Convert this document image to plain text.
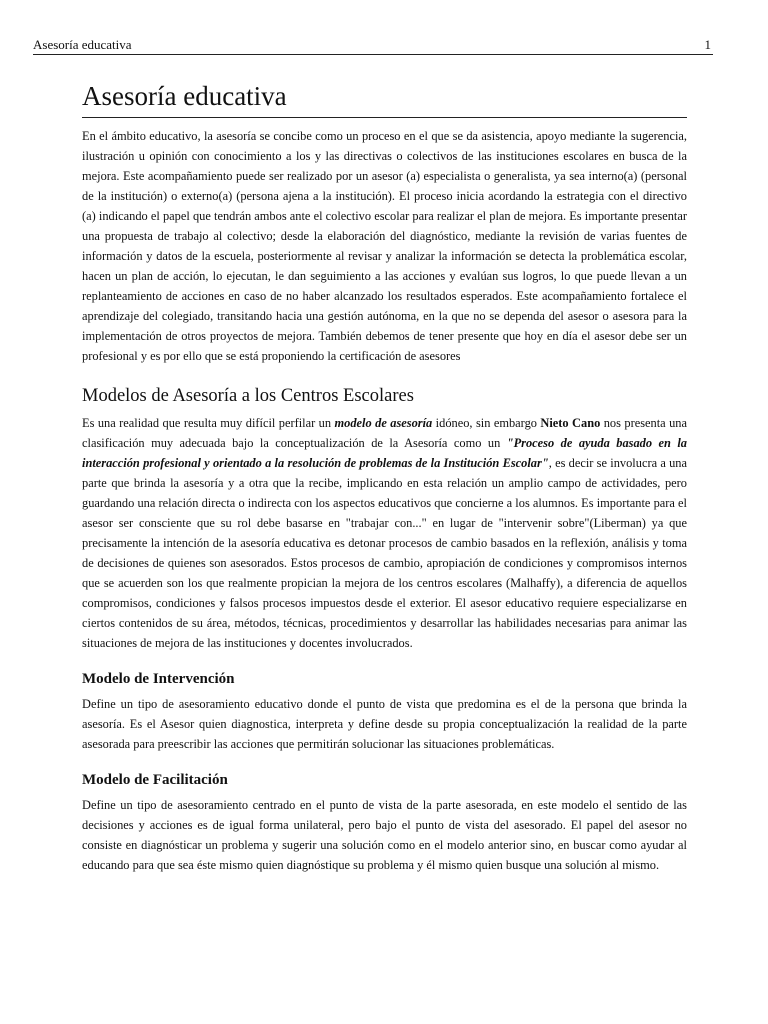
Asesoría educativa	1
Asesoría educativa

En el ámbito educativo, la asesoría se concibe como un proceso en el que se da asistencia, apoyo mediante la sugerencia, ilustración u opinión con conocimiento a los y las directivas o colectivos de las instituciones escolares en busca de la mejora. Este acompañamiento puede ser realizado por un asesor (a) especialista o generalista, ya sea interno(a) (personal de la institución) o externo(a) (persona ajena a la institución). El proceso inicia acordando la estrategia con el directivo (a) indicando el papel que tendrán ambos ante el colectivo escolar para realizar el plan de mejora. Es importante presentar una propuesta de trabajo al colectivo; desde la elaboración del diagnóstico, mediante la revisión de varias fuentes de información y datos de la escuela, posteriormente al revisar y analizar la información se detecta la problemática escolar, hacen un plan de acción, lo ejecutan, le dan seguimiento a las acciones y evalúan sus logros, lo que puede llevan a un replanteamiento de acciones en caso de no haber alcanzado los resultados esperados. Este acompañamiento fortalece el aprendizaje del colegiado, transitando hacia una gestión autónoma, en la que no se dependa del asesor o asesora para la implementación de otros proyectos de mejora. También debemos de tener presente que hoy en día el asesor debe ser un profesional y es por ello que se está proponiendo la certificación de asesores

Modelos de Asesoría a los Centros Escolares

Es una realidad que resulta muy difícil perfilar un modelo de asesoría idóneo, sin embargo Nieto Cano nos presenta una clasificación muy adecuada bajo la conceptualización de la Asesoría como un "Proceso de ayuda basado en la interacción profesional y orientado a la resolución de problemas de la Institución Escolar", es decir se involucra a una parte que brinda la asesoría y a otra que la recibe, implicando en esta relación un amplio campo de actividades, pero guardando una relación directa o indirecta con los aspectos educativos que concierne a los alumnos. Es importante para el asesor ser consciente que su rol debe basarse en "trabajar con..." en lugar de "intervenir sobre"(Liberman) ya que precisamente la intención de la asesoría educativa es detonar procesos de cambio basados en la reflexión, análisis y toma de decisiones de quienes son asesorados. Estos procesos de cambio, apropiación de condiciones y compromisos internos que se acuerden son los que realmente propician la mejora de los centros escolares (Malhaffy), a diferencia de aquellos compromisos, condiciones y falsos procesos impuestos desde el exterior. El asesor educativo requiere especializarse en ciertos contenidos de su área, métodos, técnicas, procedimientos y desarrollar las habilidades necesarias para animar las situaciones de mejora de las instituciones y docentes involucrados.

Modelo de Intervención

Define un tipo de asesoramiento educativo donde el punto de vista que predomina es el de la persona que brinda la asesoría. Es el Asesor quien diagnostica, interpreta y define desde su propia conceptualización la realidad de la parte asesorada para preescribir las acciones que permitirán solucionar las situaciones problemáticas.

Modelo de Facilitación

Define un tipo de asesoramiento centrado en el punto de vista de la parte asesorada, en este modelo el sentido de las decisiones y acciones es de igual forma unilateral, pero bajo el punto de vista del asesorado. El papel del asesor no consiste en diagnósticar un problema y sugerir una solución como en el modelo anterior sino, en buscar como ayudar al educando para que sea éste mismo quien diagnóstique su problema y él mismo quien busque una solución al mismo.
